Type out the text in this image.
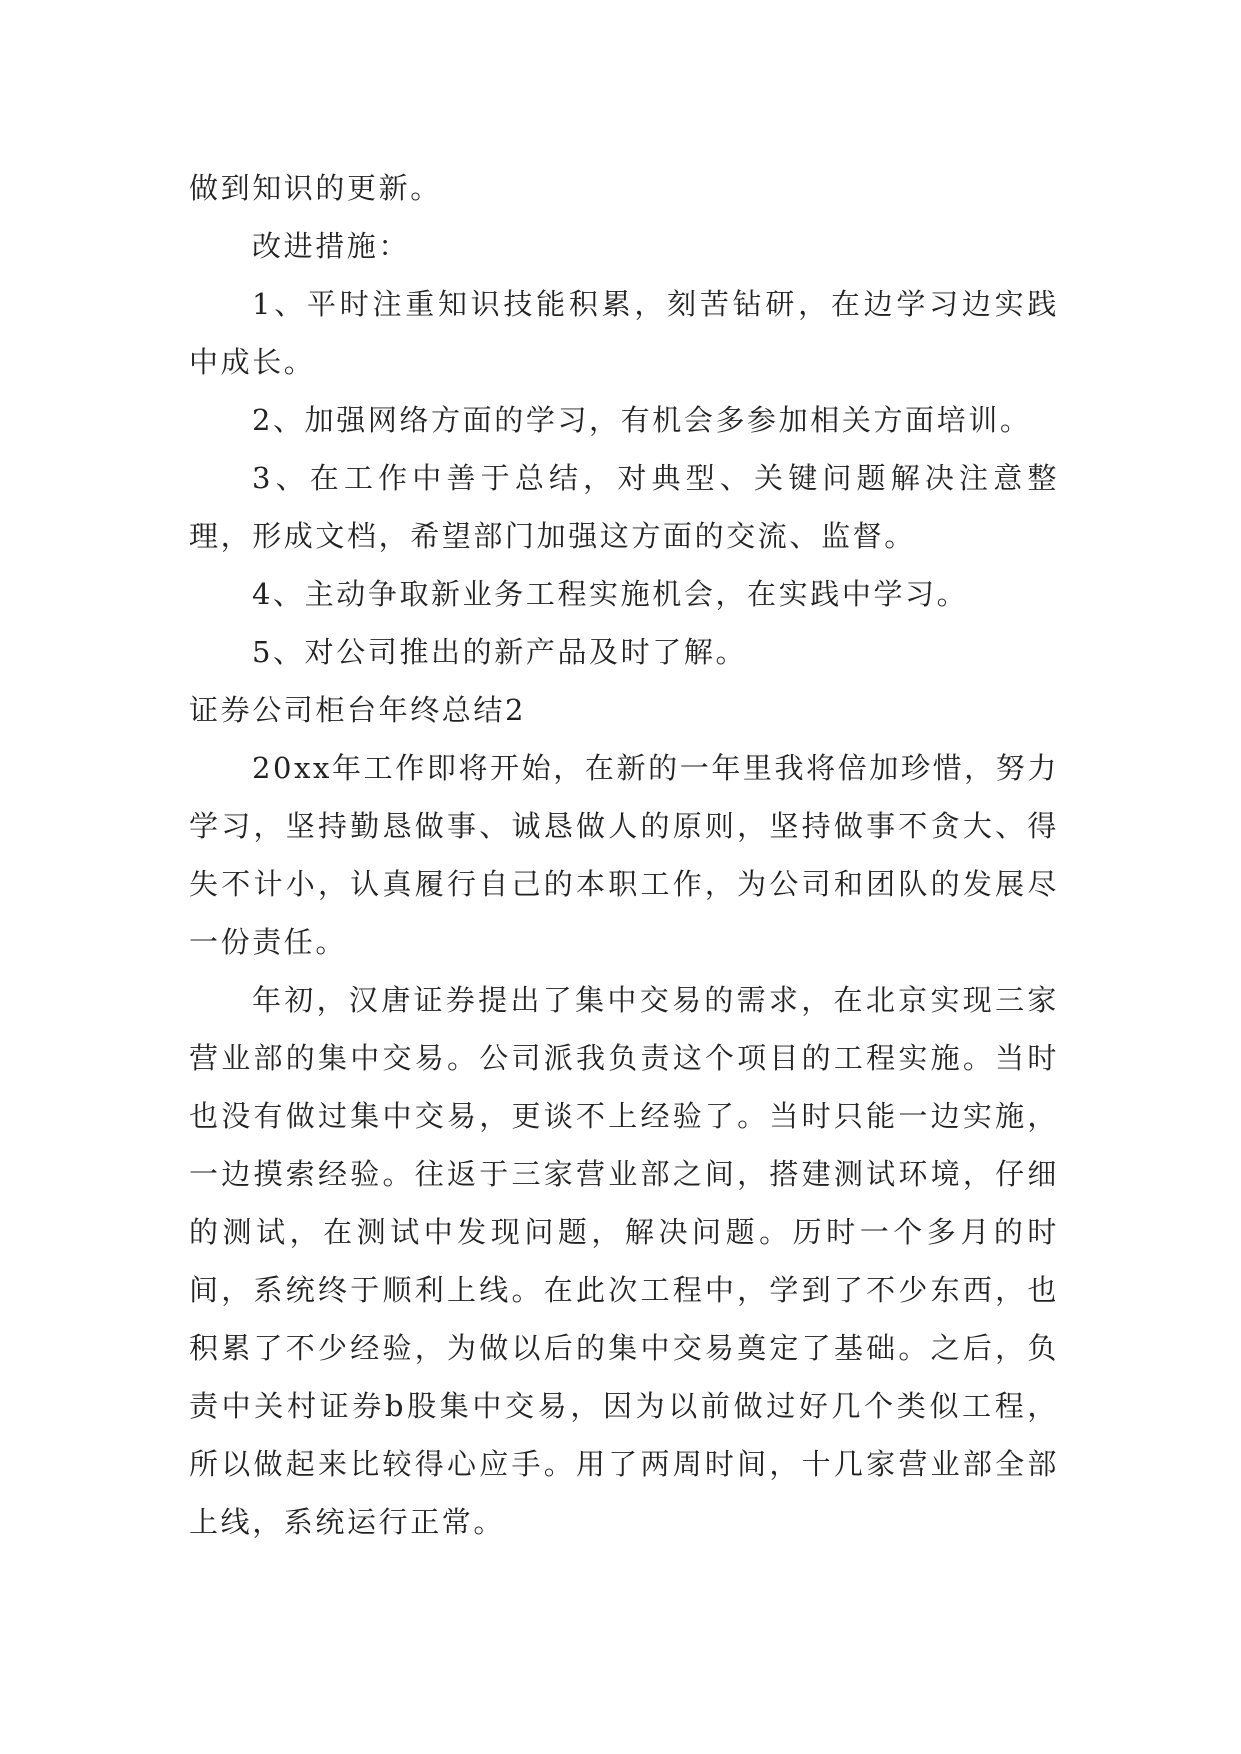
做到知识的更新。

改进措施：

1、平时注重知识技能积累，刻苦钻研，在边学习边实践中成长。

2、加强网络方面的学习，有机会多参加相关方面培训。

3、在工作中善于总结，对典型、关键问题解决注意整理，形成文档，希望部门加强这方面的交流、监督。

4、主动争取新业务工程实施机会，在实践中学习。

5、对公司推出的新产品及时了解。

证券公司柜台年终总结2

20xx年工作即将开始，在新的一年里我将倍加珍惜，努力学习，坚持勤恳做事、诚恳做人的原则，坚持做事不贪大、得失不计小，认真履行自己的本职工作，为公司和团队的发展尽一份责任。

年初，汉唐证券提出了集中交易的需求，在北京实现三家营业部的集中交易。公司派我负责这个项目的工程实施。当时也没有做过集中交易，更谈不上经验了。当时只能一边实施，一边摸索经验。往返于三家营业部之间，搭建测试环境，仔细的测试，在测试中发现问题，解决问题。历时一个多月的时间，系统终于顺利上线。在此次工程中，学到了不少东西，也积累了不少经验，为做以后的集中交易奠定了基础。之后，负责中关村证券b股集中交易，因为以前做过好几个类似工程，所以做起来比较得心应手。用了两周时间，十几家营业部全部上线，系统运行正常。
